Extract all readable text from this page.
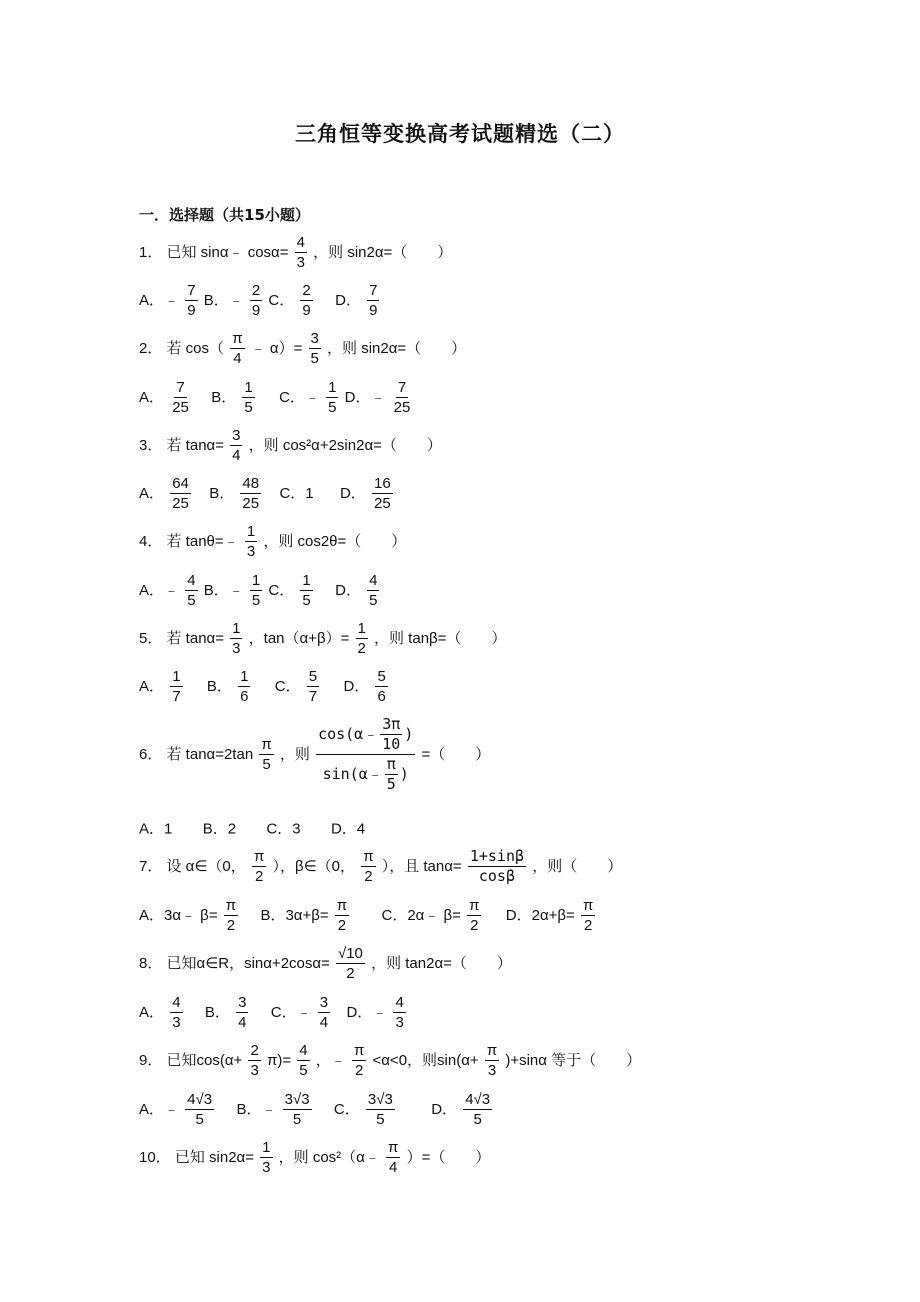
三角恒等变换高考试题精选（二）
一．选择题（共15小题）
1． 已知 sinα﹣ $\cos\alpha= \frac{4}{3}$ ，则 sin2α=（　　）
A．﹣ $\frac{7}{9}$ B．﹣ $\frac{2}{9}$ C． $\frac{2}{9}$ D． $\frac{7}{9}$
2． 若 $\cos( \frac{\pi}{4}$ ﹣ $\alpha)= \frac{3}{5}$ ，则 sin2α=（　　）
A． $\frac{7}{25}$ B． $\frac{1}{5}$ C．﹣ $\frac{1}{5}$ D．﹣ $\frac{7}{25}$
3． 若 $\tan\alpha= \frac{3}{4}$ ，则 cos²α+2sin2α=（　　）
A． $\frac{64}{25}$ B． $\frac{48}{25}$ C．1 D． $\frac{16}{25}$
4． 若 tanθ=﹣ $\frac{1}{3}$ ，则 cos2θ=（　　）
A．﹣ $\frac{4}{5}$ B．﹣ $\frac{1}{5}$ C． $\frac{1}{5}$ D． $\frac{4}{5}$
5． 若 $\tan\alpha= \frac{1}{3}$ ，$\tan(\alpha+\beta)= \frac{1}{2}$ ，则 tanβ=（　　）
A． $\frac{1}{7}$ B． $\frac{1}{6}$ C． $\frac{5}{7}$ D． $\frac{5}{6}$
6． 若 $\tan\alpha=2\tan \frac{\pi}{5}$ ，则 $\frac{\cos(\alpha﹣ \frac{3\pi}{10} )}{\sin(\alpha﹣ \frac{\pi}{5} )}$ =（　　）
A．1 B．2 C．3 D．4
7． 设 α∈（0， $\frac{\pi}{2}$ ），β∈（0， $\frac{\pi}{2}$ ），且 $\tan\alpha= \frac{1+\sin\beta}{\cos\beta}$ ，则（　　）
A．3α﹣ $\beta= \frac{\pi}{2}$ B．$3\alpha+\beta= \frac{\pi}{2}$ C．2α﹣ $\beta= \frac{\pi}{2}$ D．$2\alpha+\beta= \frac{\pi}{2}$
8． 已知α∈R，$\sin\alpha+2\cos\alpha= \frac{√10}{2}$ ，则 tan2α=（　　）
A． $\frac{4}{3}$ B． $\frac{3}{4}$ C．﹣ $\frac{3}{4}$ D．﹣ $\frac{4}{3}$
9． 已知$\cos(\alpha+ \frac{2}{3} \pi)= \frac{4}{5}$ ，﹣ $\frac{\pi}{2} <\alpha<0$，则$\sin(\alpha+ \frac{\pi}{3} )+\sin\alpha$ 等于（　　）
A．﹣ $\frac{4√3}{5}$ B．﹣ $\frac{3√3}{5}$ C． $\frac{3√3}{5}$ D． $\frac{4√3}{5}$
10． 已知 $\sin 2\alpha= \frac{1}{3}$ ，则 cos²（α﹣ $\frac{\pi}{4}$ ）=（　　）
